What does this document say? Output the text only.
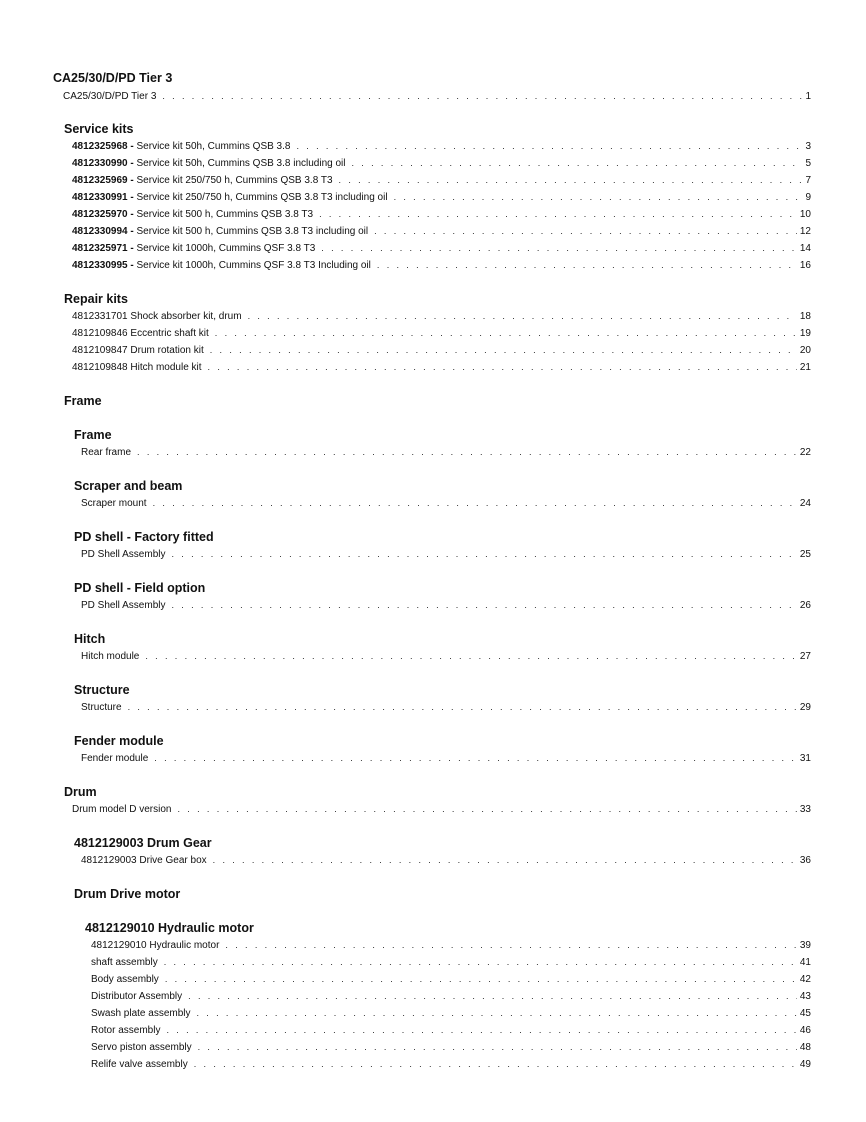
CA25/30/D/PD Tier 3
CA25/30/D/PD Tier 3 . . .	1
Service kits
4812325968 - Service kit 50h, Cummins QSB 3.8 . . .	3
4812330990 - Service kit 50h, Cummins QSB 3.8 including oil . . .	5
4812325969 - Service kit 250/750 h, Cummins QSB 3.8 T3 . . .	7
4812330991 - Service kit 250/750 h, Cummins QSB 3.8 T3 including oil . . .	9
4812325970 - Service kit 500 h, Cummins QSB 3.8 T3 . . .	10
4812330994 - Service kit 500 h, Cummins QSB 3.8 T3 including oil . . .	12
4812325971 - Service kit 1000h, Cummins QSF 3.8 T3 . . .	14
4812330995 - Service kit 1000h, Cummins QSF 3.8 T3 Including oil . . .	16
Repair kits
4812331701 Shock absorber kit, drum . . .	18
4812109846 Eccentric shaft kit . . .	19
4812109847 Drum rotation kit . . .	20
4812109848 Hitch module kit . . .	21
Frame
Frame
Rear frame . . .	22
Scraper and beam
Scraper mount . . .	24
PD shell - Factory fitted
PD Shell Assembly . . .	25
PD shell - Field option
PD Shell Assembly . . .	26
Hitch
Hitch module . . .	27
Structure
Structure . . .	29
Fender module
Fender module . . .	31
Drum
Drum model D version . . .	33
4812129003 Drum Gear
4812129003 Drive Gear box . . .	36
Drum Drive motor
4812129010 Hydraulic motor
4812129010 Hydraulic motor . . .	39
shaft assembly . . .	41
Body assembly . . .	42
Distributor Assembly . . .	43
Swash plate assembly . . .	45
Rotor assembly . . .	46
Servo piston assembly . . .	48
Relife valve assembly . . .	49
